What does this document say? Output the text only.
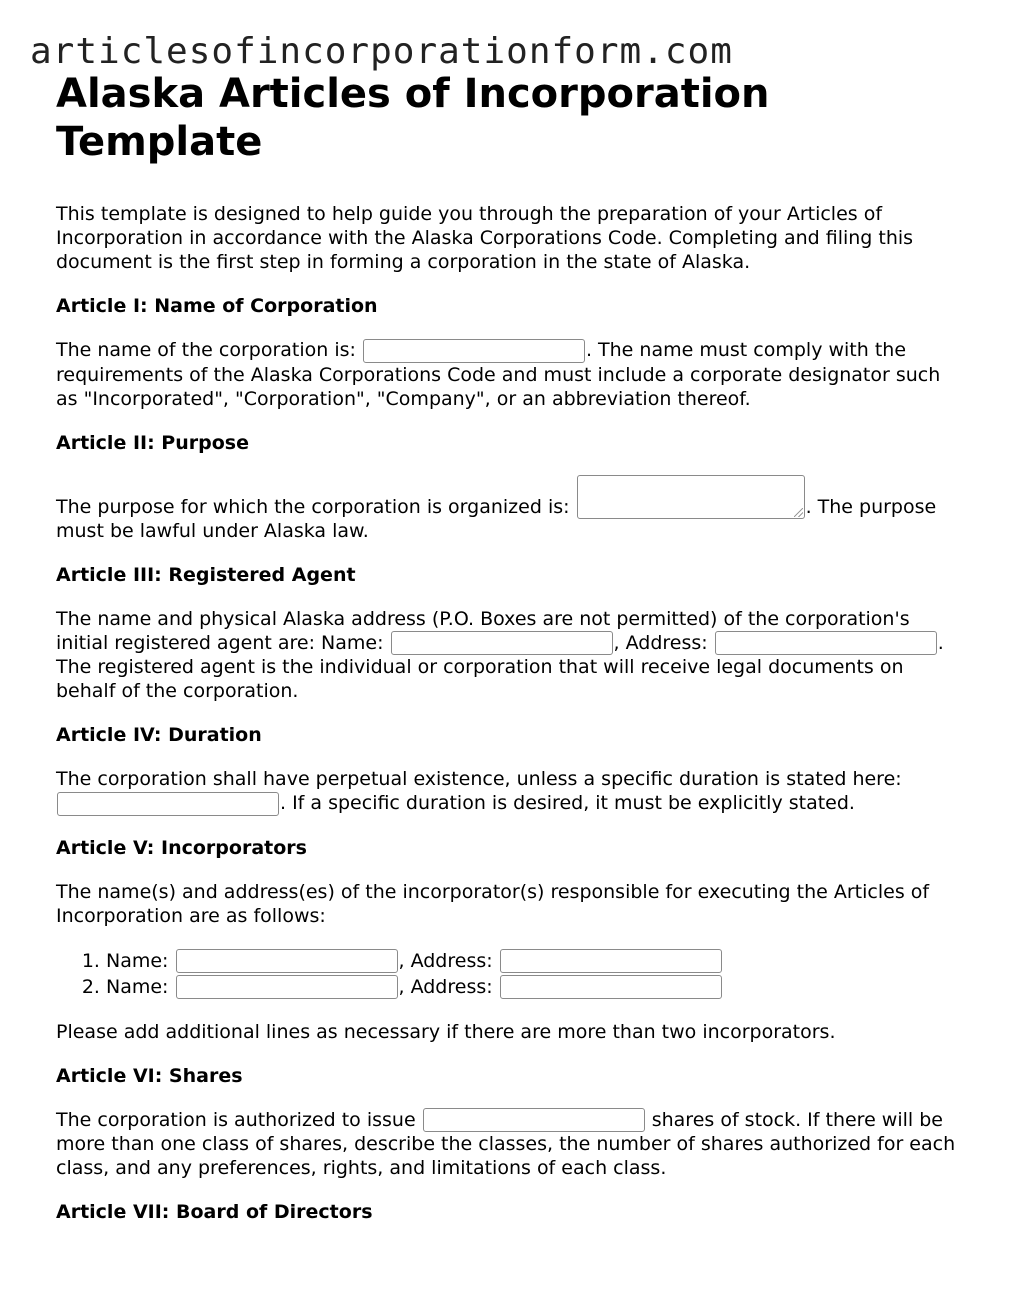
articlesofincorporationform.com
Alaska Articles of Incorporation Template

This template is designed to help guide you through the preparation of your Articles of Incorporation in accordance with the Alaska Corporations Code. Completing and filing this document is the first step in forming a corporation in the state of Alaska.

Article I: Name of Corporation

The name of the corporation is:	. The name must comply with the requirements of the Alaska Corporations Code and must include a corporate designator such as "Incorporated", "Corporation", "Company", or an abbreviation thereof.

Article II: Purpose

The purpose for which the corporation is organized is:	. The purpose must be lawful under Alaska law.

Article III: Registered Agent

The name and physical Alaska address (P.O. Boxes are not permitted) of the corporation's initial registered agent are: Name:	, Address:	. The registered agent is the individual or corporation that will receive legal documents on behalf of the corporation.

Article IV: Duration

The corporation shall have perpetual existence, unless a specific duration is stated here: . If a specific duration is desired, it must be explicitly stated.

Article V: Incorporators

The name(s) and address(es) of the incorporator(s) responsible for executing the Articles of Incorporation are as follows:

1. Name:	, Address:
2. Name:	, Address:

Please add additional lines as necessary if there are more than two incorporators.

Article VI: Shares

The corporation is authorized to issue	shares of stock. If there will be more than one class of shares, describe the classes, the number of shares authorized for each class, and any preferences, rights, and limitations of each class.

Article VII: Board of Directors
